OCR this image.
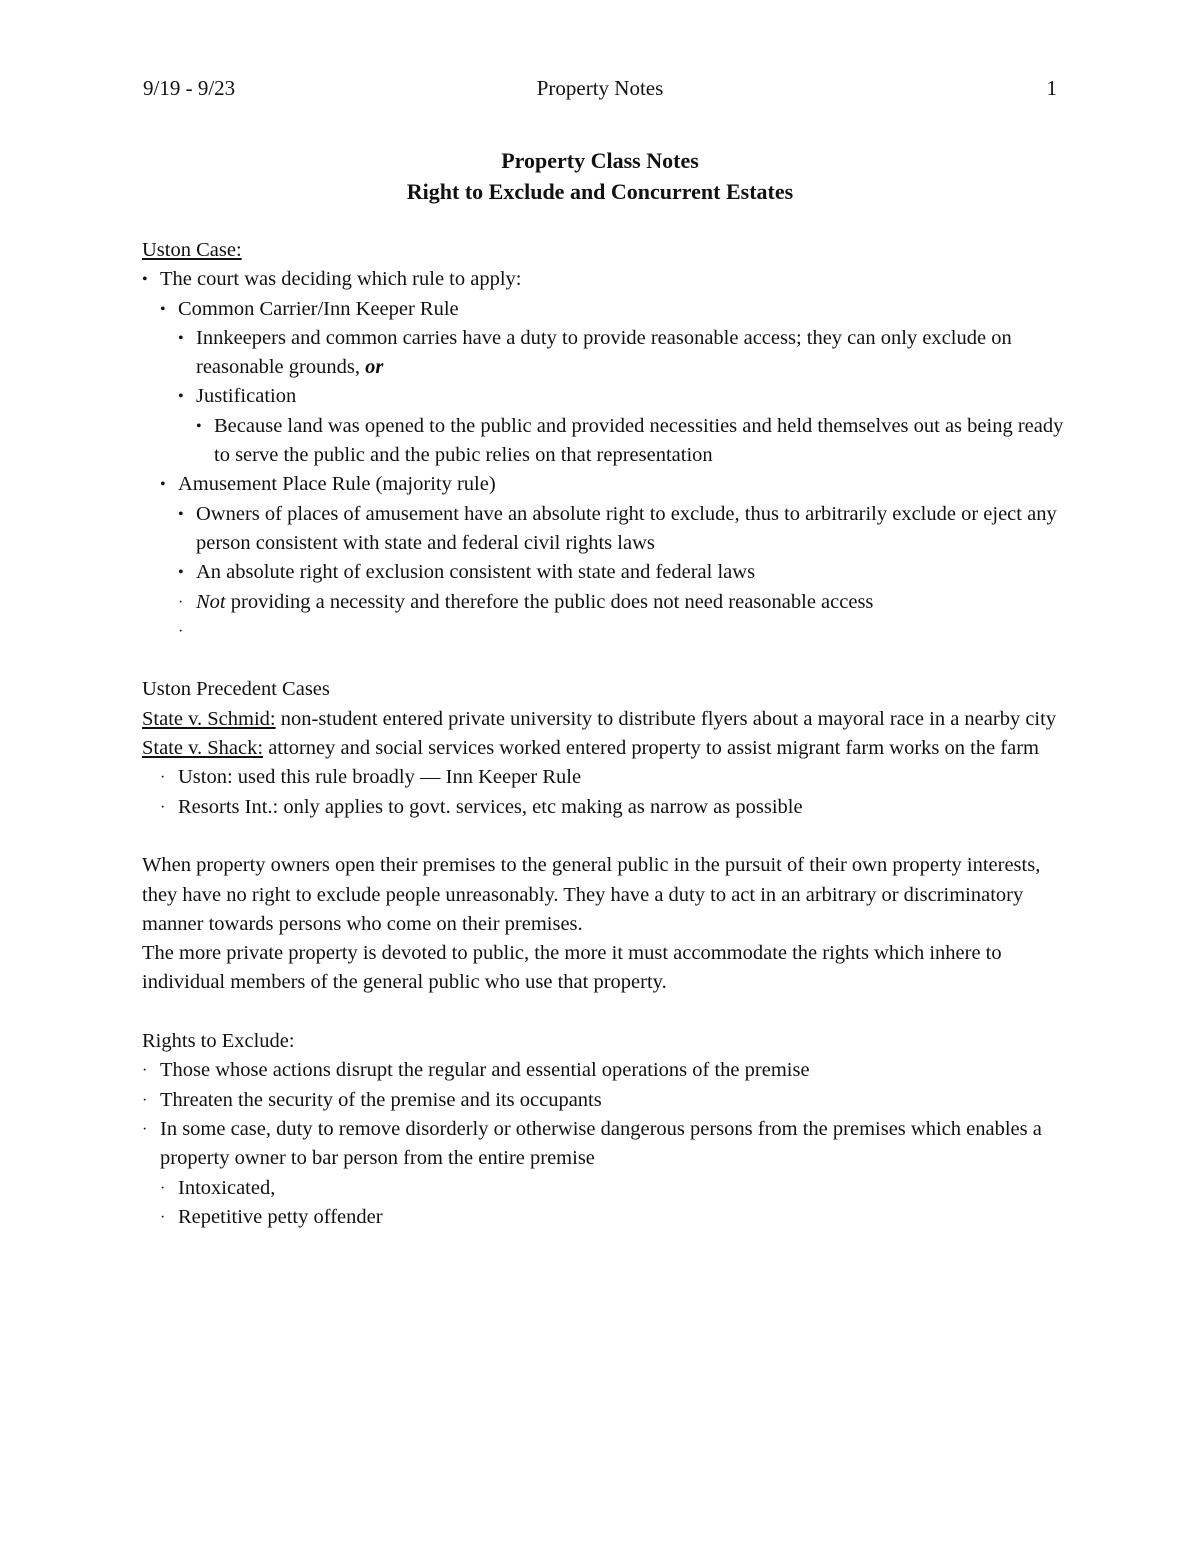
9/19 - 9/23	Property Notes	1
Property Class Notes
Right to Exclude and Concurrent Estates

Uston Case:

• The court was deciding which rule to apply:
• Common Carrier/Inn Keeper Rule
• Innkeepers and common carries have a duty to provide reasonable access; they can only exclude on reasonable grounds, or
• Justification
• Because land was opened to the public and provided necessities and held themselves out as being ready to serve the public and the pubic relies on that representation
• Amusement Place Rule (majority rule)
• Owners of places of amusement have an absolute right to exclude, thus to arbitrarily exclude or eject any person consistent with state and federal civil rights laws
• An absolute right of exclusion consistent with state and federal laws
· Not providing a necessity and therefore the public does not need reasonable access
·

Uston Precedent Cases

State v. Schmid: non-student entered private university to distribute flyers about a mayoral race in a nearby city

State v. Shack: attorney and social services worked entered property to assist migrant farm works on the farm

· Uston: used this rule broadly — Inn Keeper Rule
· Resorts Int.: only applies to govt. services, etc making as narrow as possible

When property owners open their premises to the general public in the pursuit of their own property interests, they have no right to exclude people unreasonably. They have a duty to act in an arbitrary or discriminatory manner towards persons who come on their premises.

The more private property is devoted to public, the more it must accommodate the rights which inhere to individual members of the general public who use that property.

Rights to Exclude:

· Those whose actions disrupt the regular and essential operations of the premise
· Threaten the security of the premise and its occupants
· In some case, duty to remove disorderly or otherwise dangerous persons from the premises which enables a property owner to bar person from the entire premise
· Intoxicated,
· Repetitive petty offender
